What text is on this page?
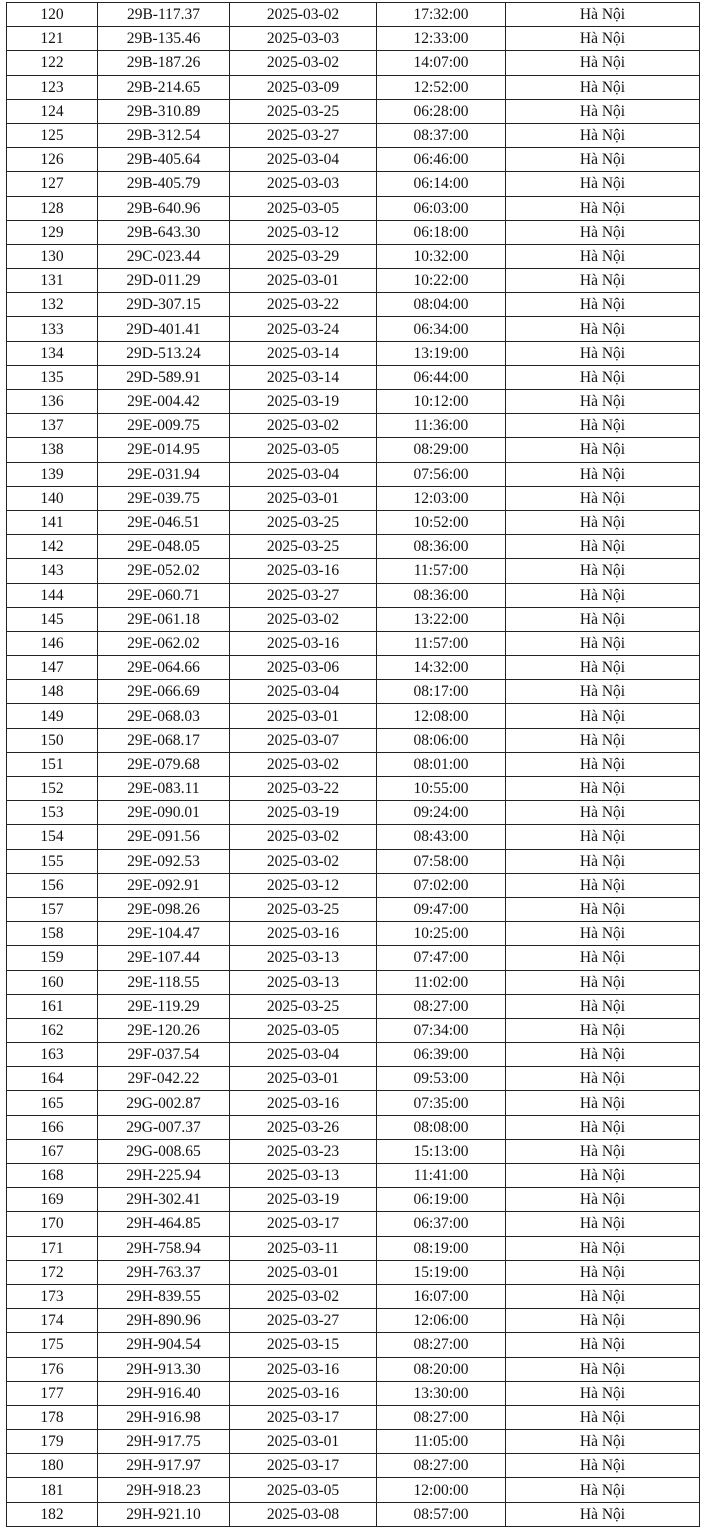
120	29B-117.37	2025-03-02	17:32:00	Hà Nội
121	29B-135.46	2025-03-03	12:33:00	Hà Nội
122	29B-187.26	2025-03-02	14:07:00	Hà Nội
123	29B-214.65	2025-03-09	12:52:00	Hà Nội
124	29B-310.89	2025-03-25	06:28:00	Hà Nội
125	29B-312.54	2025-03-27	08:37:00	Hà Nội
126	29B-405.64	2025-03-04	06:46:00	Hà Nội
127	29B-405.79	2025-03-03	06:14:00	Hà Nội
128	29B-640.96	2025-03-05	06:03:00	Hà Nội
129	29B-643.30	2025-03-12	06:18:00	Hà Nội
130	29C-023.44	2025-03-29	10:32:00	Hà Nội
131	29D-011.29	2025-03-01	10:22:00	Hà Nội
132	29D-307.15	2025-03-22	08:04:00	Hà Nội
133	29D-401.41	2025-03-24	06:34:00	Hà Nội
134	29D-513.24	2025-03-14	13:19:00	Hà Nội
135	29D-589.91	2025-03-14	06:44:00	Hà Nội
136	29E-004.42	2025-03-19	10:12:00	Hà Nội
137	29E-009.75	2025-03-02	11:36:00	Hà Nội
138	29E-014.95	2025-03-05	08:29:00	Hà Nội
139	29E-031.94	2025-03-04	07:56:00	Hà Nội
140	29E-039.75	2025-03-01	12:03:00	Hà Nội
141	29E-046.51	2025-03-25	10:52:00	Hà Nội
142	29E-048.05	2025-03-25	08:36:00	Hà Nội
143	29E-052.02	2025-03-16	11:57:00	Hà Nội
144	29E-060.71	2025-03-27	08:36:00	Hà Nội
145	29E-061.18	2025-03-02	13:22:00	Hà Nội
146	29E-062.02	2025-03-16	11:57:00	Hà Nội
147	29E-064.66	2025-03-06	14:32:00	Hà Nội
148	29E-066.69	2025-03-04	08:17:00	Hà Nội
149	29E-068.03	2025-03-01	12:08:00	Hà Nội
150	29E-068.17	2025-03-07	08:06:00	Hà Nội
151	29E-079.68	2025-03-02	08:01:00	Hà Nội
152	29E-083.11	2025-03-22	10:55:00	Hà Nội
153	29E-090.01	2025-03-19	09:24:00	Hà Nội
154	29E-091.56	2025-03-02	08:43:00	Hà Nội
155	29E-092.53	2025-03-02	07:58:00	Hà Nội
156	29E-092.91	2025-03-12	07:02:00	Hà Nội
157	29E-098.26	2025-03-25	09:47:00	Hà Nội
158	29E-104.47	2025-03-16	10:25:00	Hà Nội
159	29E-107.44	2025-03-13	07:47:00	Hà Nội
160	29E-118.55	2025-03-13	11:02:00	Hà Nội
161	29E-119.29	2025-03-25	08:27:00	Hà Nội
162	29E-120.26	2025-03-05	07:34:00	Hà Nội
163	29F-037.54	2025-03-04	06:39:00	Hà Nội
164	29F-042.22	2025-03-01	09:53:00	Hà Nội
165	29G-002.87	2025-03-16	07:35:00	Hà Nội
166	29G-007.37	2025-03-26	08:08:00	Hà Nội
167	29G-008.65	2025-03-23	15:13:00	Hà Nội
168	29H-225.94	2025-03-13	11:41:00	Hà Nội
169	29H-302.41	2025-03-19	06:19:00	Hà Nội
170	29H-464.85	2025-03-17	06:37:00	Hà Nội
171	29H-758.94	2025-03-11	08:19:00	Hà Nội
172	29H-763.37	2025-03-01	15:19:00	Hà Nội
173	29H-839.55	2025-03-02	16:07:00	Hà Nội
174	29H-890.96	2025-03-27	12:06:00	Hà Nội
175	29H-904.54	2025-03-15	08:27:00	Hà Nội
176	29H-913.30	2025-03-16	08:20:00	Hà Nội
177	29H-916.40	2025-03-16	13:30:00	Hà Nội
178	29H-916.98	2025-03-17	08:27:00	Hà Nội
179	29H-917.75	2025-03-01	11:05:00	Hà Nội
180	29H-917.97	2025-03-17	08:27:00	Hà Nội
181	29H-918.23	2025-03-05	12:00:00	Hà Nội
182	29H-921.10	2025-03-08	08:57:00	Hà Nội
